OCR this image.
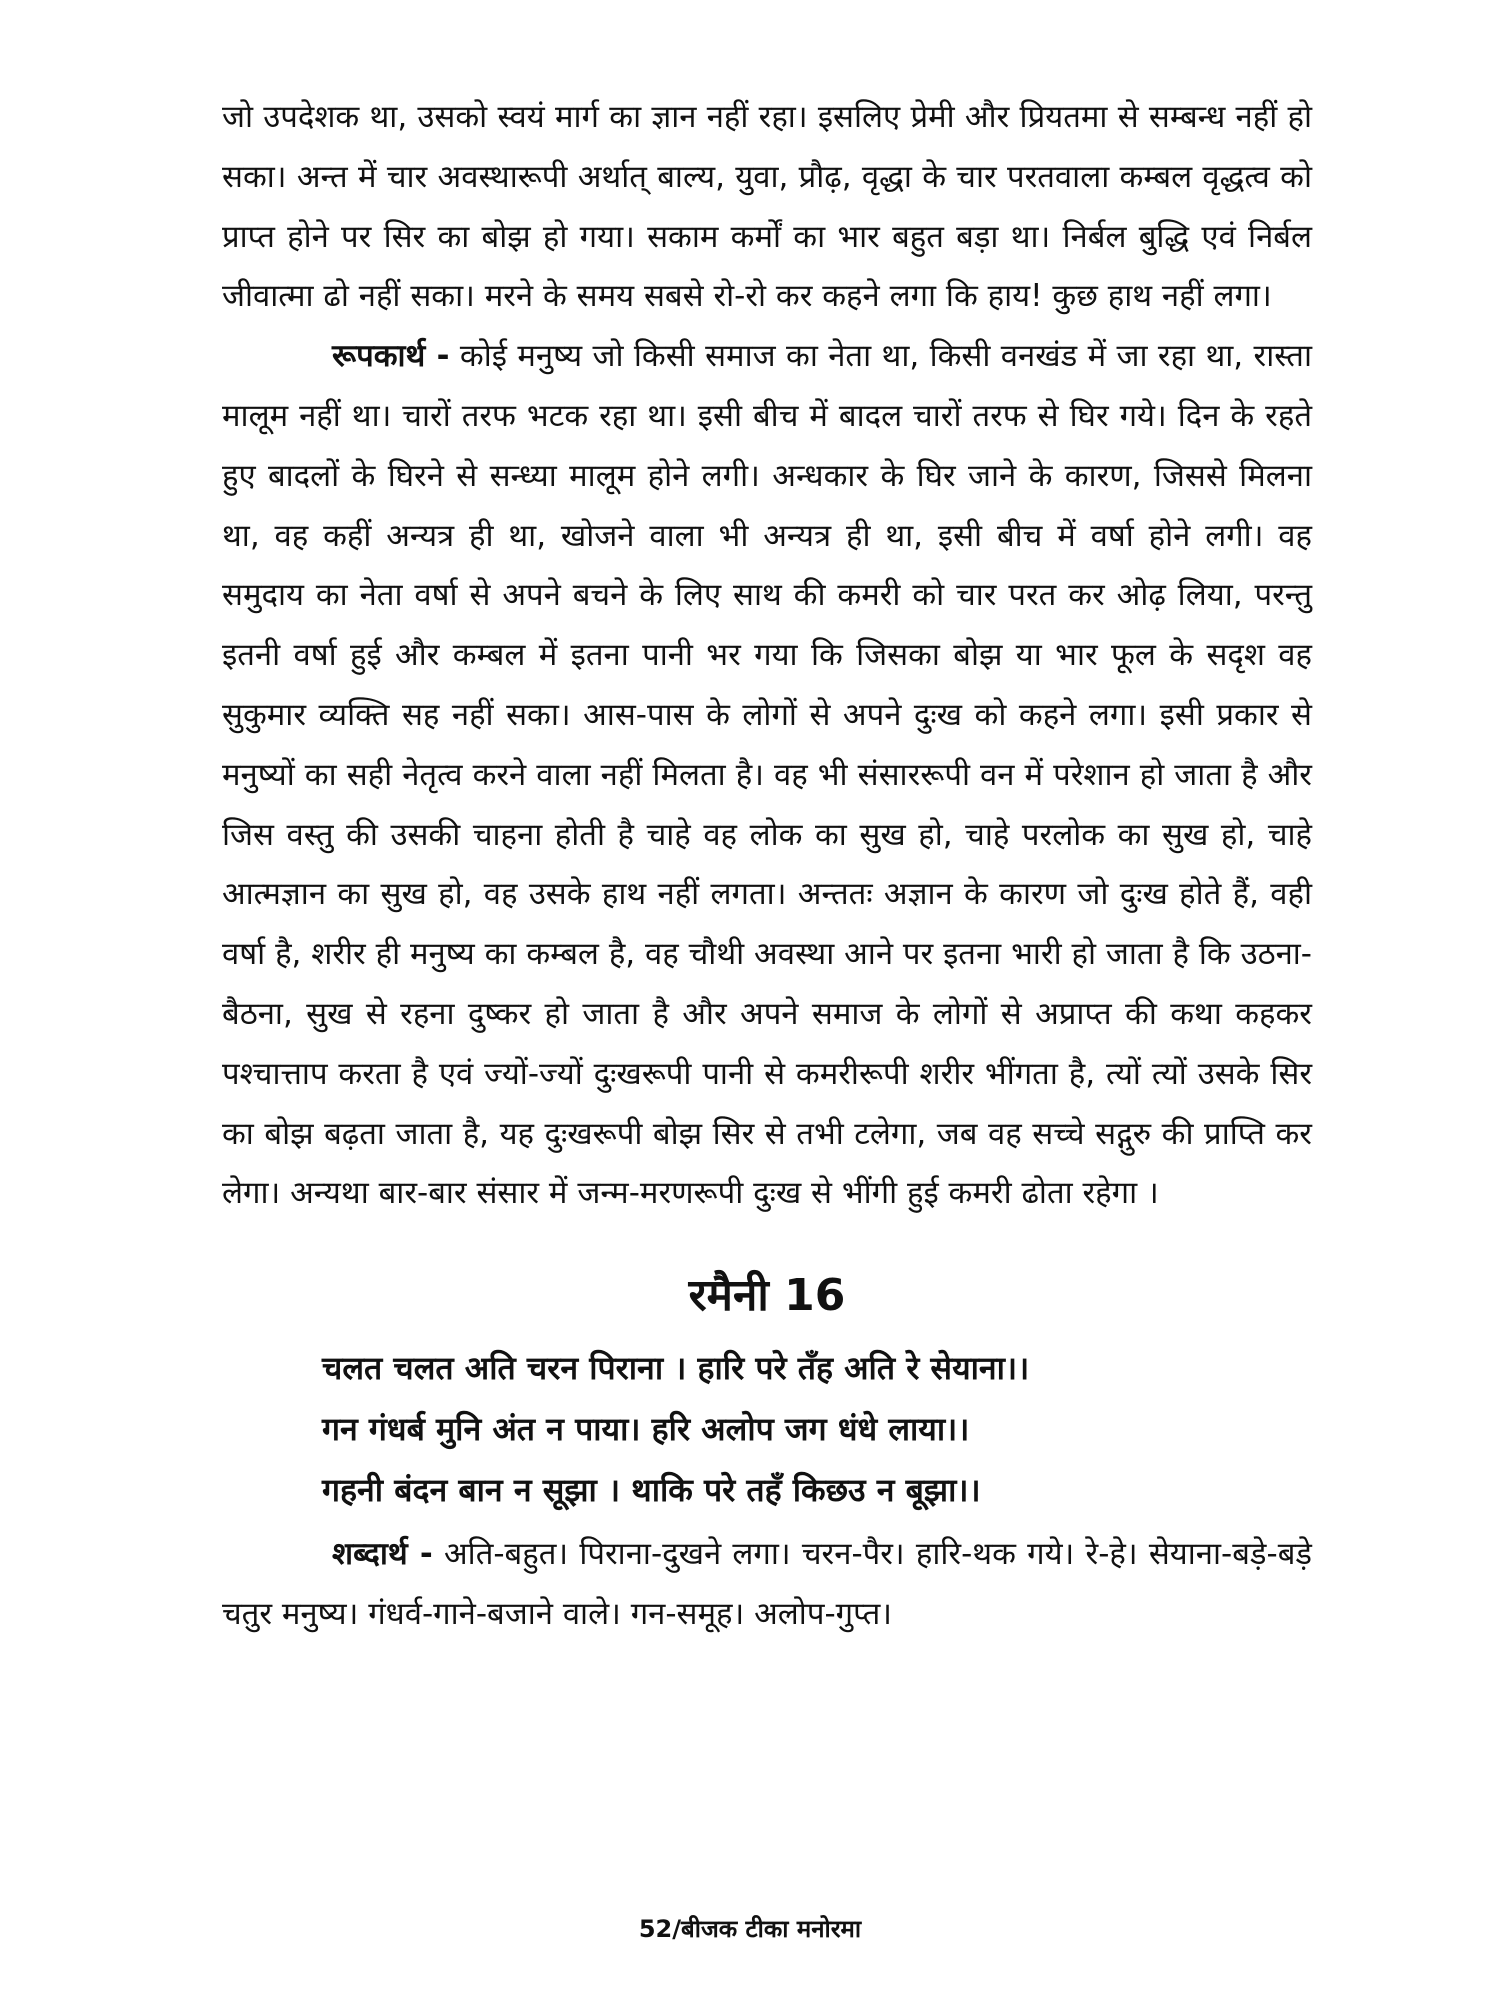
जो उपदेशक था, उसको स्वयं मार्ग का ज्ञान नहीं रहा। इसलिए प्रेमी और प्रियतमा से सम्बन्ध नहीं हो सका। अन्त में चार अवस्थारूपी अर्थात् बाल्य, युवा, प्रौढ़, वृद्धा के चार परतवाला कम्बल वृद्धत्व को प्राप्त होने पर सिर का बोझ हो गया। सकाम कर्मों का भार बहुत बड़ा था। निर्बल बुद्धि एवं निर्बल जीवात्मा ढो नहीं सका। मरने के समय सबसे रो-रो कर कहने लगा कि हाय! कुछ हाथ नहीं लगा।

रूपकार्थ - कोई मनुष्य जो किसी समाज का नेता था, किसी वनखंड में जा रहा था, रास्ता मालूम नहीं था। चारों तरफ भटक रहा था। इसी बीच में बादल चारों तरफ से घिर गये। दिन के रहते हुए बादलों के घिरने से सन्ध्या मालूम होने लगी। अन्धकार के घिर जाने के कारण, जिससे मिलना था, वह कहीं अन्यत्र ही था, खोजने वाला भी अन्यत्र ही था, इसी बीच में वर्षा होने लगी। वह समुदाय का नेता वर्षा से अपने बचने के लिए साथ की कमरी को चार परत कर ओढ़ लिया, परन्तु इतनी वर्षा हुई और कम्बल में इतना पानी भर गया कि जिसका बोझ या भार फूल के सदृश वह सुकुमार व्यक्ति सह नहीं सका। आस-पास के लोगों से अपने दुःख को कहने लगा। इसी प्रकार से मनुष्यों का सही नेतृत्व करने वाला नहीं मिलता है। वह भी संसाररूपी वन में परेशान हो जाता है और जिस वस्तु की उसकी चाहना होती है चाहे वह लोक का सुख हो, चाहे परलोक का सुख हो, चाहे आत्मज्ञान का सुख हो, वह उसके हाथ नहीं लगता। अन्ततः अज्ञान के कारण जो दुःख होते हैं, वही वर्षा है, शरीर ही मनुष्य का कम्बल है, वह चौथी अवस्था आने पर इतना भारी हो जाता है कि उठना-बैठना, सुख से रहना दुष्कर हो जाता है और अपने समाज के लोगों से अप्राप्त की कथा कहकर पश्चात्ताप करता है एवं ज्यों-ज्यों दुःखरूपी पानी से कमरीरूपी शरीर भींगता है, त्यों त्यों उसके सिर का बोझ बढ़ता जाता है, यह दुःखरूपी बोझ सिर से तभी टलेगा, जब वह सच्चे सद्गुरु की प्राप्ति कर लेगा। अन्यथा बार-बार संसार में जन्म-मरणरूपी दुःख से भींगी हुई कमरी ढोता रहेगा ।

रमैनी 16

चलत चलत अति चरन पिराना । हारि परे तँह अति रे सेयाना।।

गन गंधर्ब मुनि अंत न पाया। हरि अलोप जग धंधे लाया।।

गहनी बंदन बान न सूझा । थाकि परे तहँ किछउ न बूझा।।

शब्दार्थ - अति-बहुत। पिराना-दुखने लगा। चरन-पैर। हारि-थक गये। रे-हे। सेयाना-बड़े-बड़े चतुर मनुष्य। गंधर्व-गाने-बजाने वाले। गन-समूह। अलोप-गुप्त।

52/बीजक टीका मनोरमा
